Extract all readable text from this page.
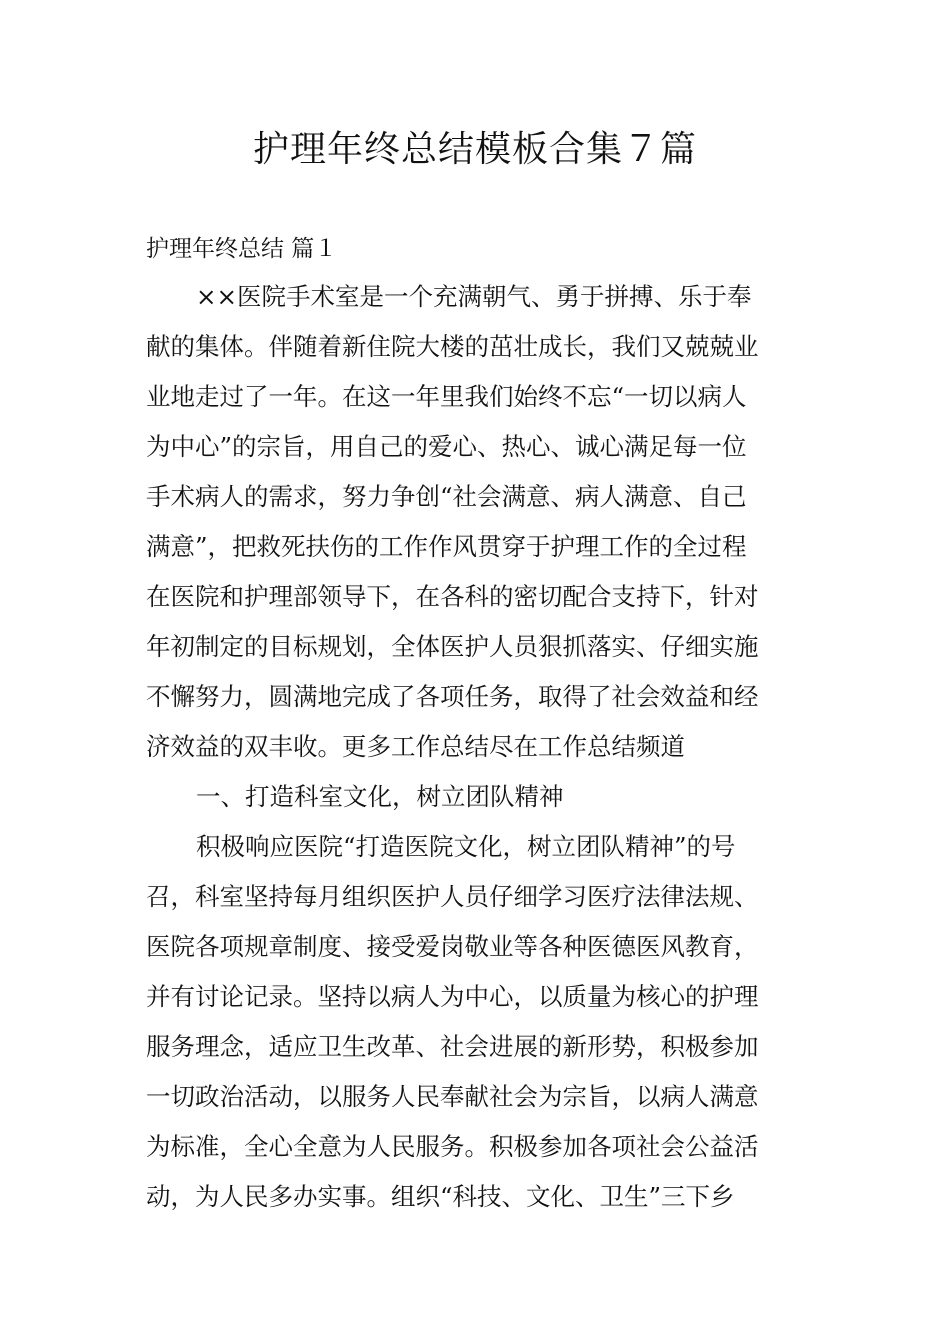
护理年终总结模板合集７篇

护理年终总结 篇１

××医院手术室是一个充满朝气、勇于拼搏、乐于奉

献的集体。伴随着新住院大楼的茁壮成长，我们又兢兢业

业地走过了一年。在这一年里我们始终不忘“一切以病人

为中心”的宗旨，用自己的爱心、热心、诚心满足每一位

手术病人的需求，努力争创“社会满意、病人满意、自己

满意”，把救死扶伤的工作作风贯穿于护理工作的全过程

在医院和护理部领导下，在各科的密切配合支持下，针对

年初制定的目标规划，全体医护人员狠抓落实、仔细实施

不懈努力，圆满地完成了各项任务，取得了社会效益和经

济效益的双丰收。更多工作总结尽在工作总结频道

一、打造科室文化，树立团队精神

积极响应医院“打造医院文化，树立团队精神”的号

召，科室坚持每月组织医护人员仔细学习医疗法律法规、

医院各项规章制度、接受爱岗敬业等各种医德医风教育，

并有讨论记录。坚持以病人为中心，以质量为核心的护理

服务理念，适应卫生改革、社会进展的新形势，积极参加

一切政治活动，以服务人民奉献社会为宗旨，以病人满意

为标准，全心全意为人民服务。积极参加各项社会公益活

动，为人民多办实事。组织“科技、文化、卫生”三下乡
